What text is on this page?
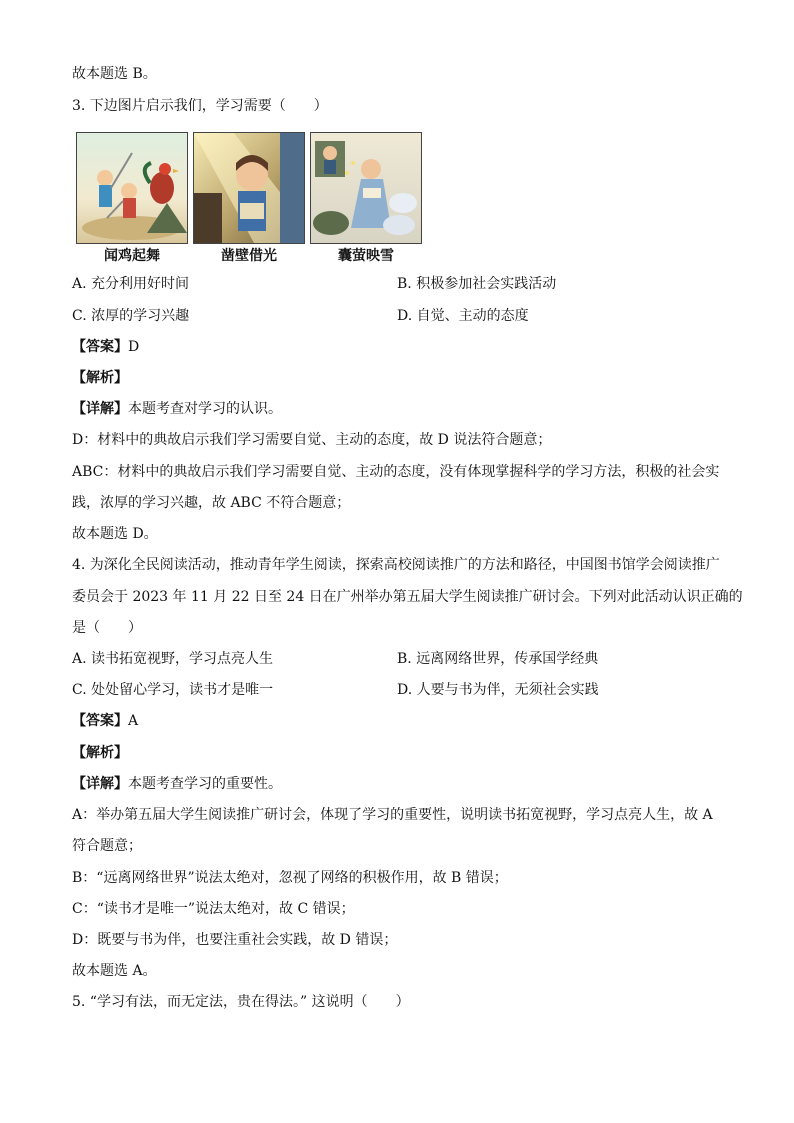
故本题选 B。
3. 下边图片启示我们，学习需要（　　）
闻鸡起舞	凿壁借光	囊萤映雪
A. 充分利用好时间	B. 积极参加社会实践活动
C. 浓厚的学习兴趣	D. 自觉、主动的态度
【答案】D
【解析】
【详解】本题考查对学习的认识。
D：材料中的典故启示我们学习需要自觉、主动的态度，故 D 说法符合题意；
ABC：材料中的典故启示我们学习需要自觉、主动的态度，没有体现掌握科学的学习方法，积极的社会实
践，浓厚的学习兴趣，故 ABC 不符合题意；
故本题选 D。
4. 为深化全民阅读活动，推动青年学生阅读，探索高校阅读推广的方法和路径，中国图书馆学会阅读推广
委员会于 2023 年 11 月 22 日至 24 日在广州举办第五届大学生阅读推广研讨会。下列对此活动认识正确的
是（　　）
A. 读书拓宽视野，学习点亮人生	B. 远离网络世界，传承国学经典
C. 处处留心学习，读书才是唯一	D. 人要与书为伴，无须社会实践
【答案】A
【解析】
【详解】本题考查学习的重要性。
A：举办第五届大学生阅读推广研讨会，体现了学习的重要性，说明读书拓宽视野，学习点亮人生，故 A
符合题意；
B：“远离网络世界”说法太绝对，忽视了网络的积极作用，故 B 错误；
C：“读书才是唯一”说法太绝对，故 C 错误；
D：既要与书为伴，也要注重社会实践，故 D 错误；
故本题选 A。
5. “学习有法，而无定法，贵在得法。” 这说明（　　）
